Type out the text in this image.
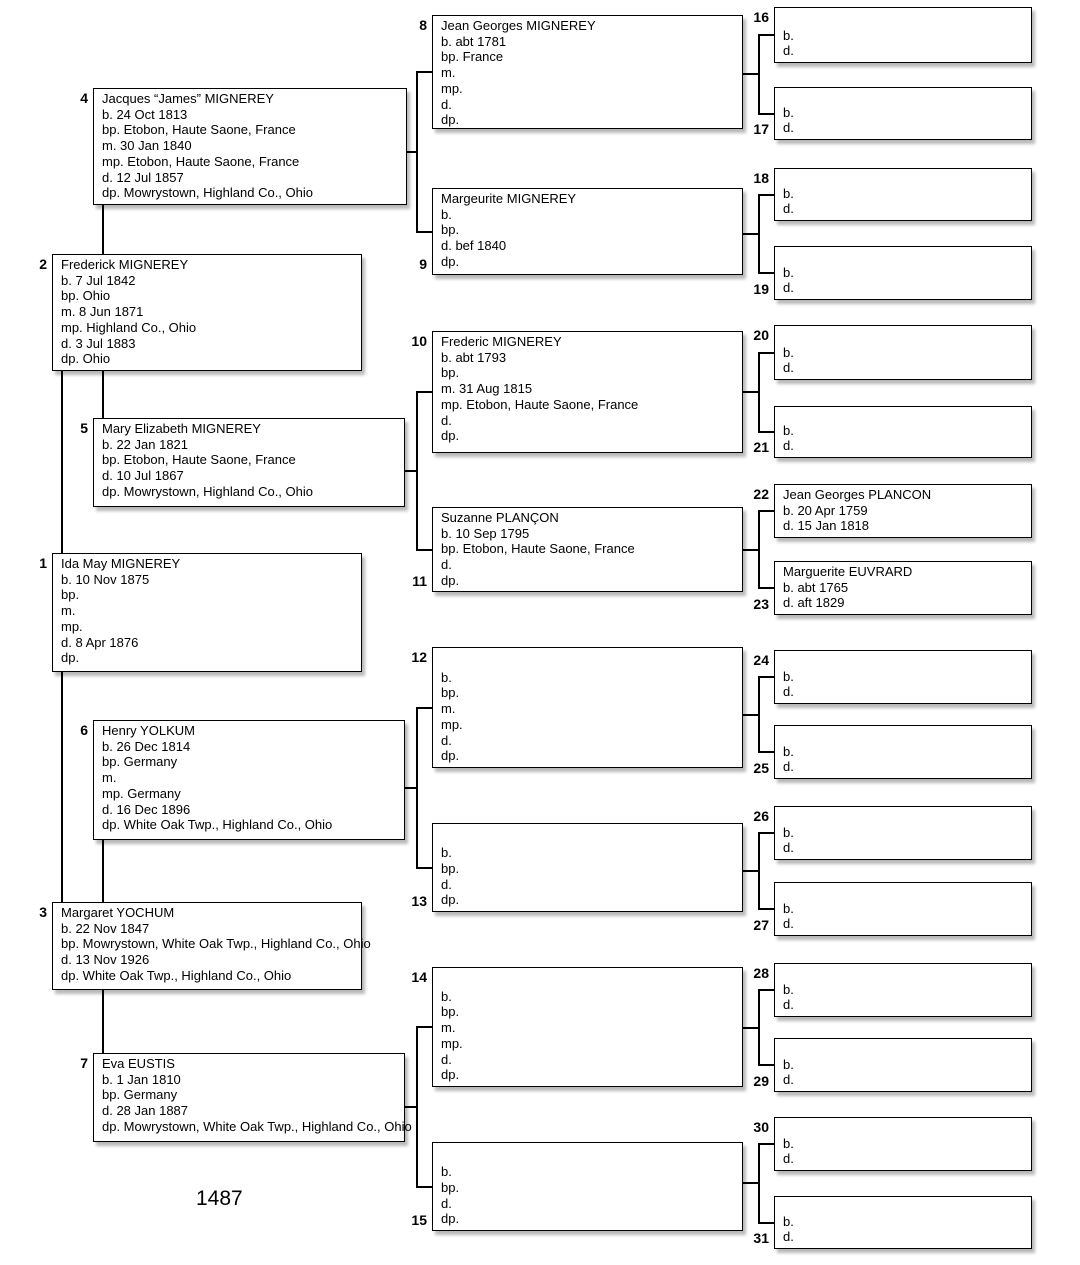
Ida May MIGNEREY
b. 10 Nov 1875
bp.
m.
mp.
d. 8 Apr 1876
dp.
1
Frederick MIGNEREY
b. 7 Jul 1842
bp. Ohio
m. 8 Jun 1871
mp. Highland Co., Ohio
d. 3 Jul 1883
dp. Ohio
2
Margaret YOCHUM
b. 22 Nov 1847
bp. Mowrystown, White Oak Twp., Highland Co., Ohio
d. 13 Nov 1926
dp. White Oak Twp., Highland Co., Ohio
3
Jacques “James” MIGNEREY
b. 24 Oct 1813
bp. Etobon, Haute Saone, France
m. 30 Jan 1840
mp. Etobon, Haute Saone, France
d. 12 Jul 1857
dp. Mowrystown, Highland Co., Ohio
4
Mary Elizabeth MIGNEREY
b. 22 Jan 1821
bp. Etobon, Haute Saone, France
d. 10 Jul 1867
dp. Mowrystown, Highland Co., Ohio
5
Henry YOLKUM
b. 26 Dec 1814
bp. Germany
m.
mp. Germany
d. 16 Dec 1896
dp. White Oak Twp., Highland Co., Ohio
6
Eva EUSTIS
b. 1 Jan 1810
bp. Germany
d. 28 Jan 1887
dp. Mowrystown, White Oak Twp., Highland Co., Ohio
7
Jean Georges MIGNEREY
b. abt 1781
bp. France
m.
mp.
d.
dp.
8
Margeurite MIGNEREY
b.
bp.
d. bef 1840
dp.
9
Frederic MIGNEREY
b. abt 1793
bp.
m. 31 Aug 1815
mp. Etobon, Haute Saone, France
d.
dp.
10
Suzanne PLANÇON
b. 10 Sep 1795
bp. Etobon, Haute Saone, France
d.
dp.
11
b.
bp.
m.
mp.
d.
dp.
12
b.
bp.
d.
dp.
13
b.
bp.
m.
mp.
d.
dp.
14
b.
bp.
d.
dp.
15
b.
d.
16
b.
d.
17
b.
d.
18
b.
d.
19
b.
d.
20
b.
d.
21
Jean Georges PLANCON
b. 20 Apr 1759
d. 15 Jan 1818
22
Marguerite EUVRARD
b. abt 1765
d. aft 1829
23
b.
d.
24
b.
d.
25
b.
d.
26
b.
d.
27
b.
d.
28
b.
d.
29
b.
d.
30
b.
d.
31
1487
